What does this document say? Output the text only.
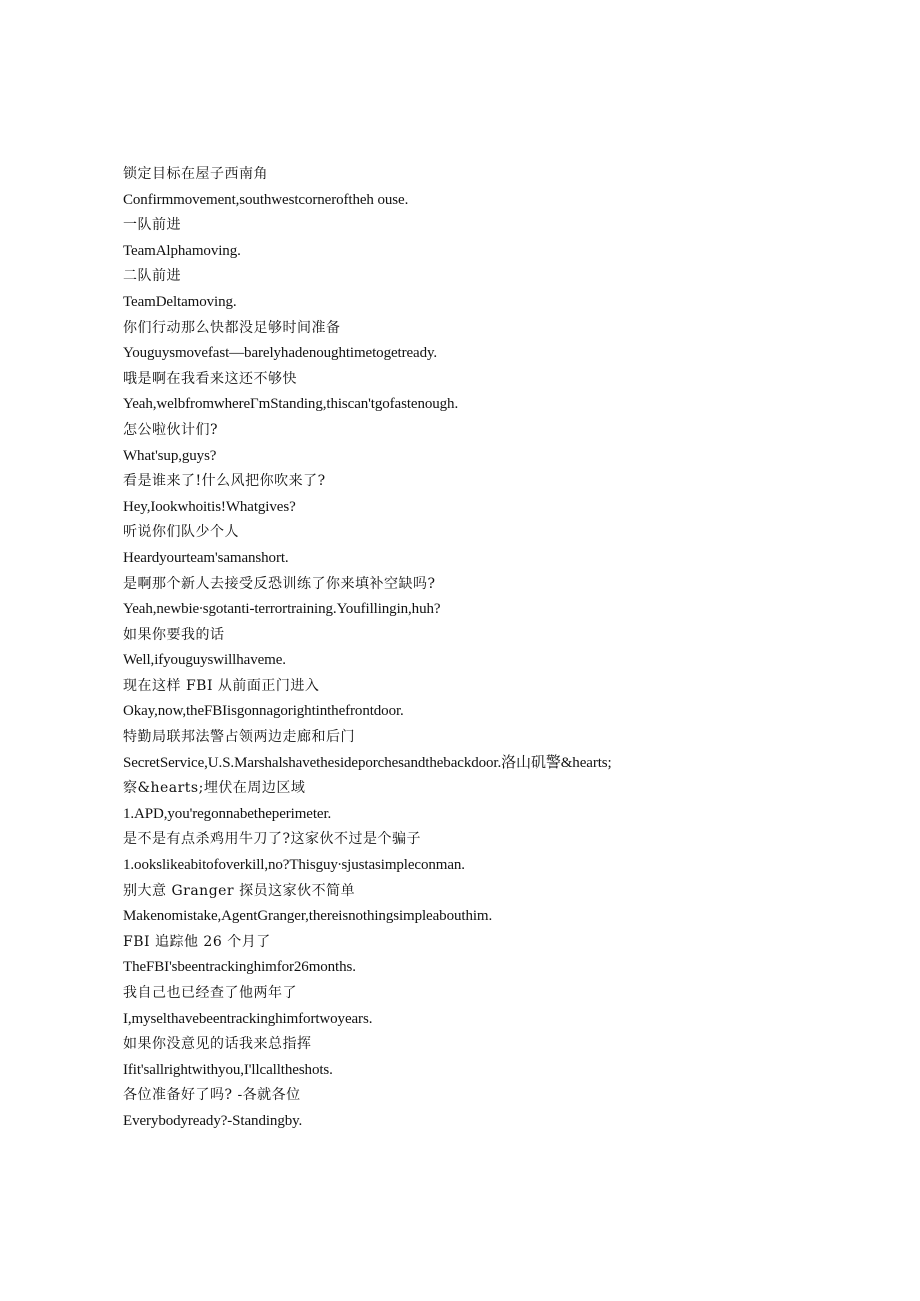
锁定目标在屋子西南角
Confirmmovement,southwestcorneroftheh ouse.
一队前进
TeamAlphamoving.
二队前进
TeamDeltamoving.
你们行动那么快都没足够时间准备
Youguysmovefast—barelyhadenoughtimetogetready.
哦是啊在我看来这还不够快
Yeah,welbfromwhereΓmStanding,thiscan'tgofastenough.
怎公啦伙计们?
What'sup,guys?
看是谁来了!什么风把你吹来了?
Hey,Iookwhoitis!Whatgives?
听说你们队少个人
Heardyourteam'samanshort.
是啊那个新人去接受反恐训练了你来填补空缺吗?
Yeah,newbie∙sgotanti-terrortraining.Youfillingin,huh?
如果你要我的话
Well,ifyouguyswillhaveme.
现在这样 FBI 从前面正门进入
Okay,now,theFBIisgonnagorightinthefrontdoor.
特勤局联邦法警占领两边走廊和后门
SecretService,U.S.Marshalshavethesideporchesandthebackdoor.洛山矶警&hearts;
察&hearts;埋伏在周边区域
1.APD,you'regonnabetheperimeter.
是不是有点杀鸡用牛刀了?这家伙不过是个骗子
1.ookslikeabitofoverkill,no?Thisguy∙sjustasimpleconman.
别大意 Granger 探员这家伙不简单
Makenomistake,AgentGranger,thereisnothingsimpleabouthim.
FBI 追踪他 26 个月了
TheFBI'sbeentrackinghimfor26months.
我自己也已经查了他两年了
I,myselthavebeentrackinghimfortwoyears.
如果你没意见的话我来总指挥
Ifit'sallrightwithyou,I'llcalltheshots.
各位准备好了吗? -各就各位
Everybodyready?-Standingby.
